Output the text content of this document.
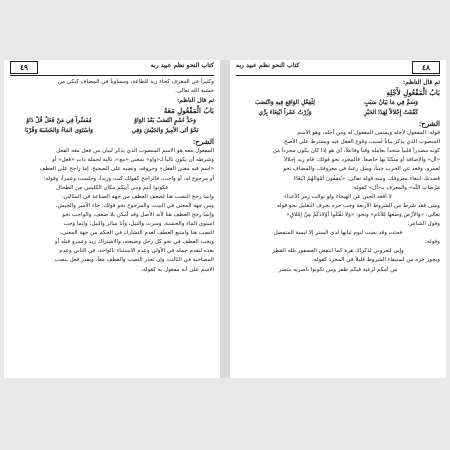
٤٩	كتاب النحو نظم عبيد ربه
وكثيراً في المعرف كجاء زيد للطاعة، ومساوياً في المضاف كبكى من
خشية الله تعالى.
ثم قال الناظم:
بَابُ الْمَفْعُولِ مَعَهُ
وَحَدُّ اسْمٍ انْتَصَبْ بَعْدَ الوَاوْ
مُفَسِّراً فِي مَنْ فَعَلْ قُلْ ذَاوْ
نَحْوُ أَتَى الأَمِيرُ وَالجَيْشَ وَفِي
وَاسْتَوَى المَاءُ وَالخَشَبَةَ وَقُرْبَا
الشرح:
المفعول معه هو الاسم المنصوب الذي يذكر لبيان من فعل معه الفعل
وشرطه أن يكون تالياً لـ«واو» بمعنى «مع»، تالية لجملة ذات «فعل» أو
«اسم فيه معنى الفعل» وحروفه، ونصبه على الصحيح. إما راجح على العطف
أو مرجوح له، أو واجب، فالراجح كقولك كنت وزيداً، وجلست وعمراً، وقوله:
فكونوا أنتم وبني أبيكم مكان الكليتين من الطحال
وإنما رجح النصب هنا لضعف العطف من جهة الصناعة في المثالين،
ومن جهة المعنى في البيت، والمرجوح نحو قولك: جاء الأمير والجيش،
وإنما رجح العطف هنا لأنه الأصل وقد أمكن بلا ضعف، والواجب نحو
استوى الماء والخشبة، وسرت والنيل، وأنا سائر والنيل، وإنما وجب
النصب هنا وامتنع العطف لعدم التشارك في الحكم من جهة المعنى،
ويجب العطف في نحو كل رجل وضيعته، والاشتراك زيد وعمرو قبله أو
بعده لتقدم جملة في الأولى وعدم الاستثناء بالواحد، في الثاني وعدم
المصاحبة في الثالث، وإن تعذر النصب والعطف معاً، ويقدر فعل ينصب
الاسم على أنه مفعول به كقوله:
٤٨
كتاب النحو نظم عبيد ربه
ثم قال الناظم:
بَابُ الْمَفْعُولِ لأَجْلِهِ
وَسَمِّ فِي مَا بَيَانُ سَبَبٍ
لِلْفِعْلِ الوَاقِعِ فِيهِ وَانْتَصَبَ
كَقُمْتُ إِجْلالاً لِهَذَا الحَبْرِ
وَزُرْتُ عَمْراً ابْتِغَاءَ بِرِّي
الشرح:
قوله: المفعول لأجله ويسمى المفعول له ومن أجله، وهو الاسم
المنصوب الذي يذكر بياناً لسبب وقوع الفعل فيه ويشترط على الأصح
كونه مصدراً قلبياً متحداً بعامله وقتاً وفاعلاً، أي هو إذا كان يكون مجرداً من
«أل» والإضافة أو منكبًا بها خاضعاً. فالمجرد نحو قولك: قام زيد إجلالاً
لعمرو، وقعد عن الحرب جبناً، ومثل رغبةً في معروفك، والمضاف نحو
قصدتك ابتغاء معروفك، ومنه قوله تعالى: «يُنفِقُونَ أَمْوَالَهُمُ ابْتِغَاءَ
مَرْضَاتِ اللَّهِ» والمعرف بـ«أل» كقوله:
لا أقعد الجبن عن الهيجاء ولو توالت زمر الأعداء
ومتى فقد شرط من الشروط الأربعة وجب جره بحرف التعليل نحو قوله
تعالى: «وَالأَرْضَ وَضَعَهَا لِلأَنَامِ» ونحو: «وَلا تَقْتُلُوا أَوْلادَكُمْ مِنْ إِمْلاقٍ»
وقول الشاعر:
فجئت وقد نضت لنوم ثيابها لدى الستر إلا لبسة المتفضل
وقوله:
وإني لتعروني لذكراك هزة كما انتفض العصفور بلله القطر
ويجوز جره من استيفاء الشروط قليلاً في المجرد كقوله:
من أمكم لرغبة فيكم ظفر ومن تكونوا ناصريه ينتصر
